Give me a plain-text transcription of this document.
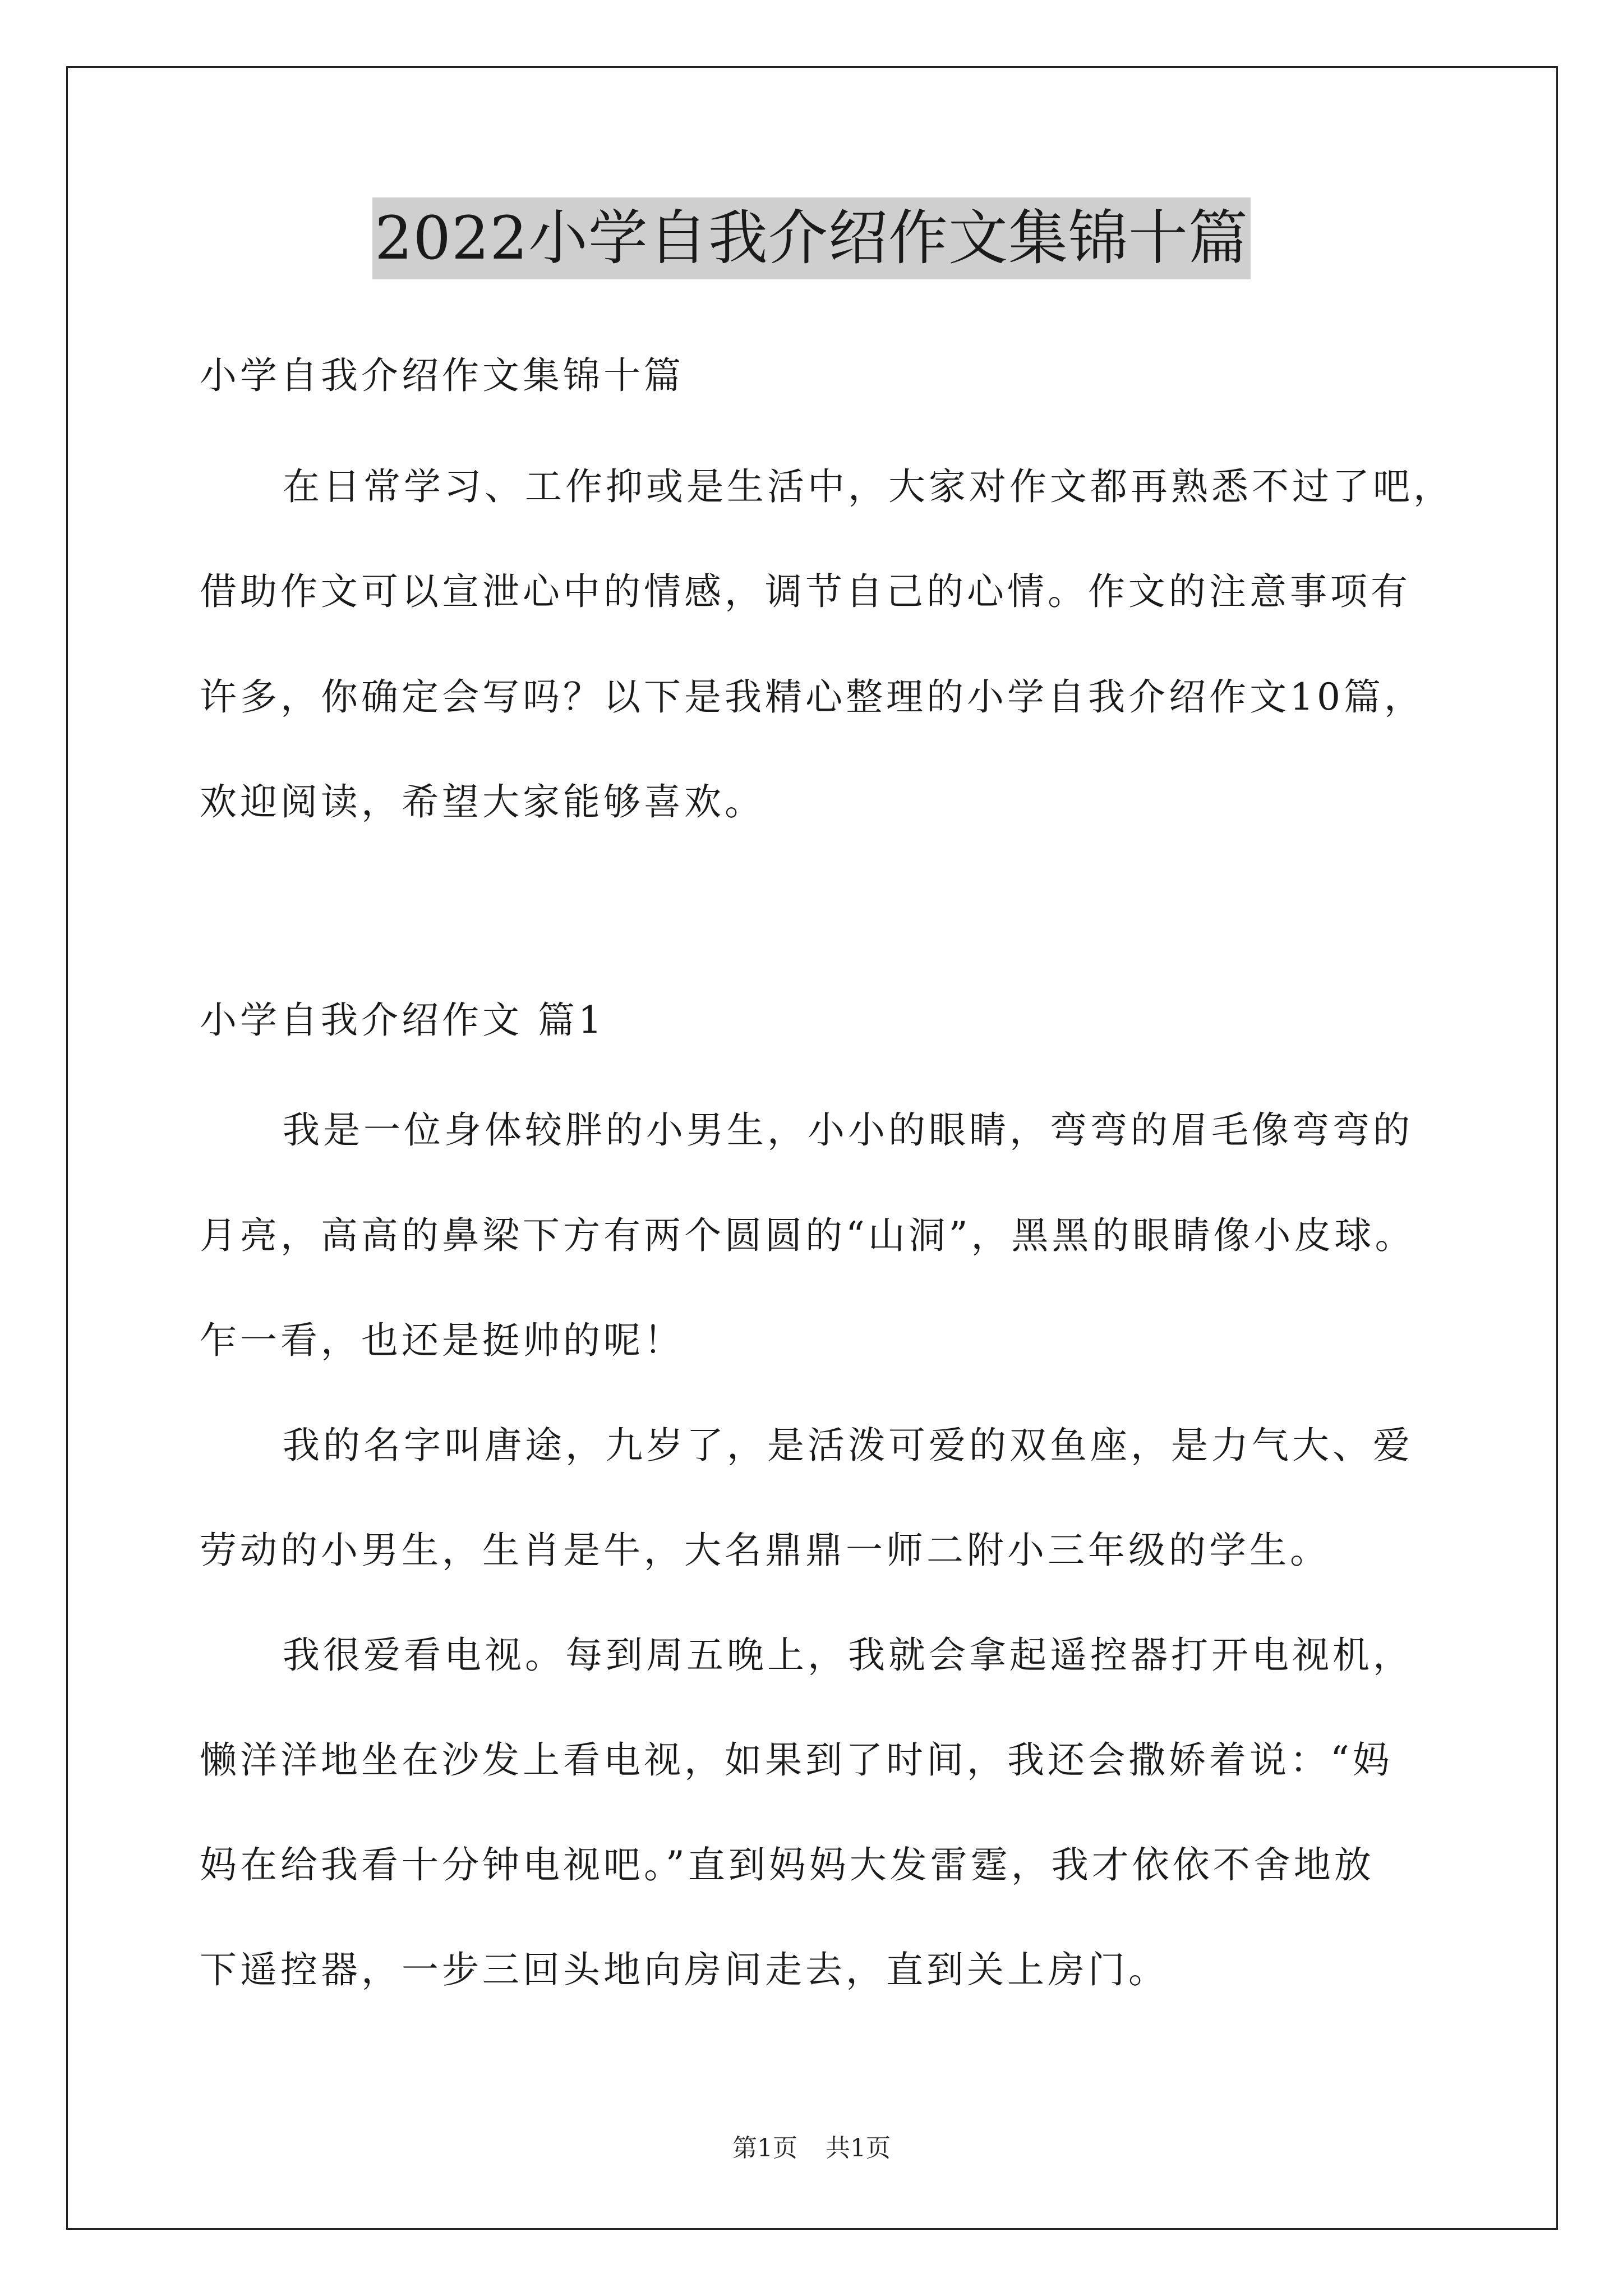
2022小学自我介绍作文集锦十篇
小学自我介绍作文集锦十篇
在日常学习、工作抑或是生活中，大家对作文都再熟悉不过了吧，
借助作文可以宣泄心中的情感，调节自己的心情。作文的注意事项有
许多，你确定会写吗？以下是我精心整理的小学自我介绍作文10篇，
欢迎阅读，希望大家能够喜欢。
小学自我介绍作文 篇1
我是一位身体较胖的小男生，小小的眼睛，弯弯的眉毛像弯弯的
月亮，高高的鼻梁下方有两个圆圆的“山洞”，黑黑的眼睛像小皮球。
乍一看，也还是挺帅的呢！
我的名字叫唐途，九岁了，是活泼可爱的双鱼座，是力气大、爱
劳动的小男生，生肖是牛，大名鼎鼎一师二附小三年级的学生。
我很爱看电视。每到周五晚上，我就会拿起遥控器打开电视机，
懒洋洋地坐在沙发上看电视，如果到了时间，我还会撒娇着说：“妈
妈在给我看十分钟电视吧。”直到妈妈大发雷霆，我才依依不舍地放
下遥控器，一步三回头地向房间走去，直到关上房门。
第1页 共1页
